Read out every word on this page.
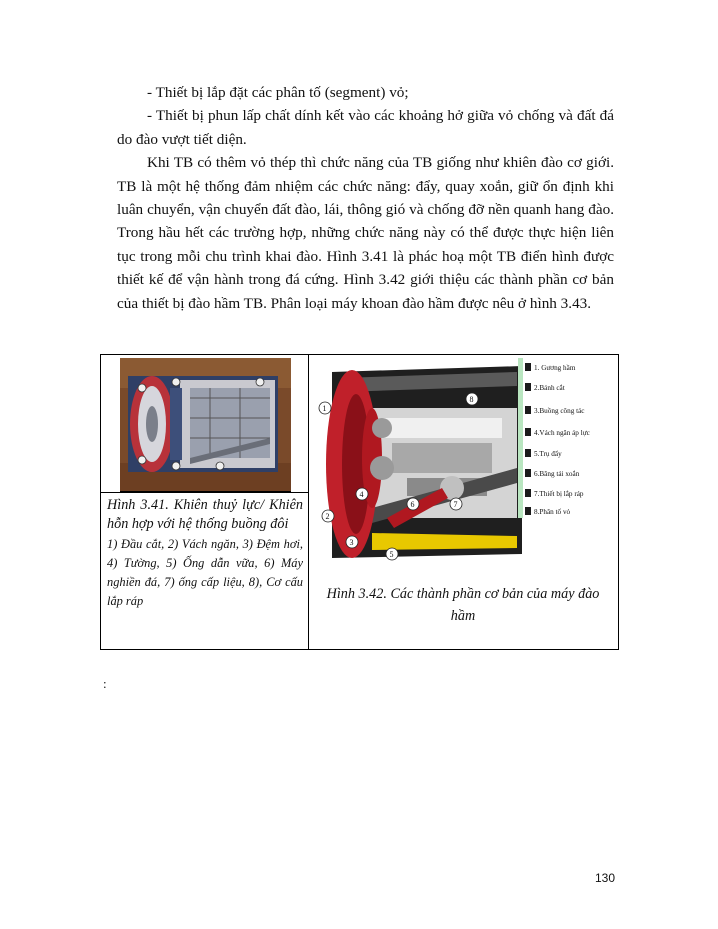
- Thiết bị lắp đặt các phân tố (segment) vỏ;

- Thiết bị phun lấp chất dính kết vào các khoảng hở giữa vỏ chống và đất đá do đào vượt tiết diện.

Khi TB có thêm vỏ thép thì chức năng của TB giống như khiên đào cơ giới. TB là một hệ thống đảm nhiệm các chức năng: đẩy, quay xoắn, giữ ổn định khi luân chuyển, vận chuyển đất đào, lái, thông gió và chống đỡ nền quanh hang đào. Trong hầu hết các trường hợp, những chức năng này có thể được thực hiện liên tục trong mỗi chu trình khai đào. Hình 3.41 là phác hoạ một TB điển hình được thiết kế để vận hành trong đá cứng. Hình 3.42 giới thiệu các thành phần cơ bản của thiết bị đào hầm TB. Phân loại máy khoan đào hầm được nêu ở hình 3.43.

Hình 3.41. Khiên thuỷ lực/ Khiên hỗn hợp với hệ thống buồng đôi
1) Đầu cắt, 2) Vách ngăn, 3) Đệm hơi, 4) Tường, 5) Ống dẫn vữa, 6) Máy nghiền đá, 7) ống cấp liệu, 8), Cơ cấu lắp ráp
1. Gương hầm
2.Bánh cắt
3.Buồng công tác
4.Vách ngăn áp lực
5.Trụ đẩy
6.Băng tải xoắn
7.Thiết bị lắp ráp
8.Phân tố vỏ
1
2
3
4
5
6	7
8
Hình 3.42. Các thành phần cơ bản của máy đào hầm
:
130
